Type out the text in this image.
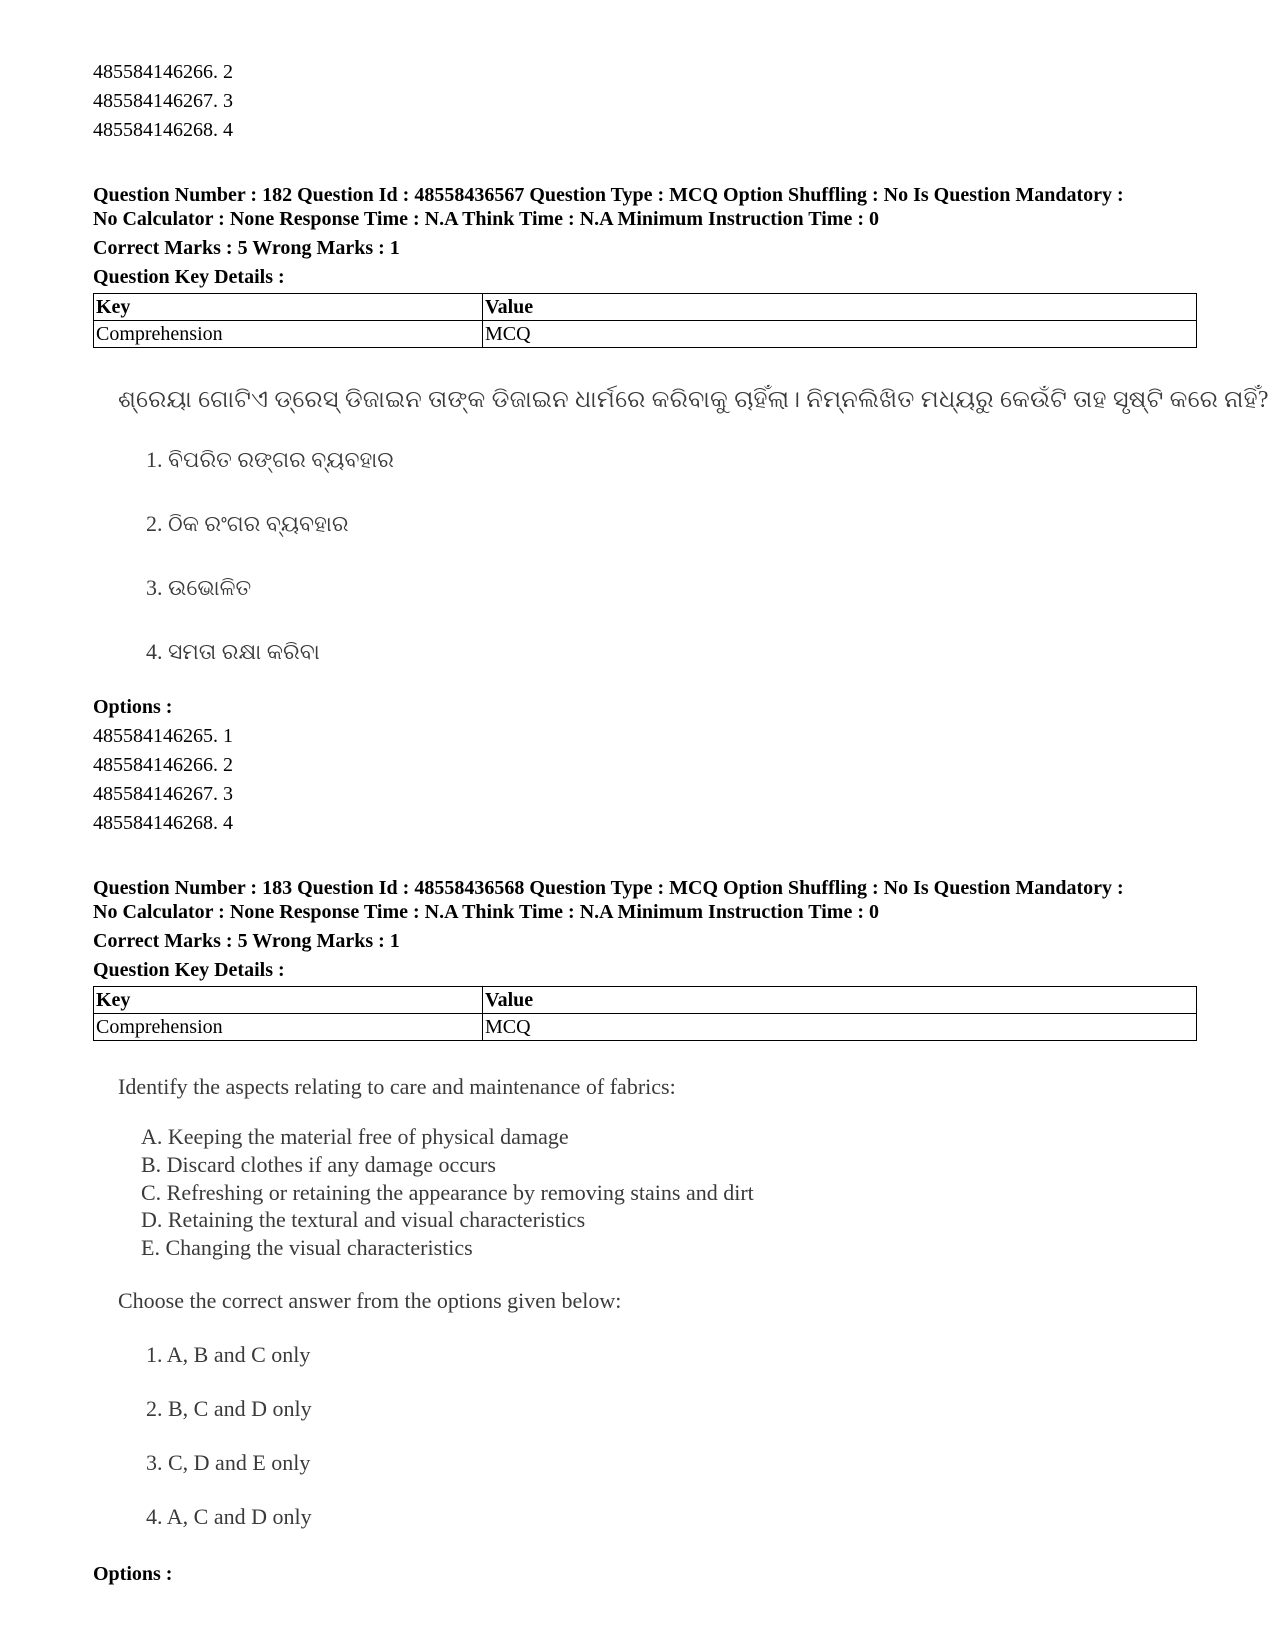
485584146266. 2
485584146267. 3
485584146268. 4
Question Number : 182 Question Id : 48558436567 Question Type : MCQ Option Shuffling : No Is Question Mandatory :
No Calculator : None Response Time : N.A Think Time : N.A Minimum Instruction Time : 0
Correct Marks : 5 Wrong Marks : 1
Question Key Details :
Key	Value
Comprehension	MCQ
ଶ୍ରେୟା ଗୋଟିଏ ଡ୍ରେସ୍ ଡିଜାଇନ ତାଙ୍କ ଡିଜାଇନ ଧାର୍ମରେ କରିବାକୁ ଚାହିଁଲା। ନିମ୍ନଲିଖିତ ମଧ୍ୟରୁ କେଉଁଟି ତାହ ସୃଷ୍ଟି କରେ ନାହିଁ?
1. ବିପରିତ ରଙ୍ଗର ବ୍ୟବହାର
2. ଠିକ ରଂଗର ବ୍ୟବହାର
3. ଉଭୋଳିତ
4. ସମତା ରକ୍ଷା କରିବା
Options :
485584146265. 1
485584146266. 2
485584146267. 3
485584146268. 4
Question Number : 183 Question Id : 48558436568 Question Type : MCQ Option Shuffling : No Is Question Mandatory :
No Calculator : None Response Time : N.A Think Time : N.A Minimum Instruction Time : 0
Correct Marks : 5 Wrong Marks : 1
Question Key Details :
Key	Value
Comprehension	MCQ
Identify the aspects relating to care and maintenance of fabrics:
A. Keeping the material free of physical damage
B. Discard clothes if any damage occurs
C. Refreshing or retaining the appearance by removing stains and dirt
D. Retaining the textural and visual characteristics
E. Changing the visual characteristics
Choose the correct answer from the options given below:
1. A, B and C only
2. B, C and D only
3. C, D and E only
4. A, C and D only
Options :
